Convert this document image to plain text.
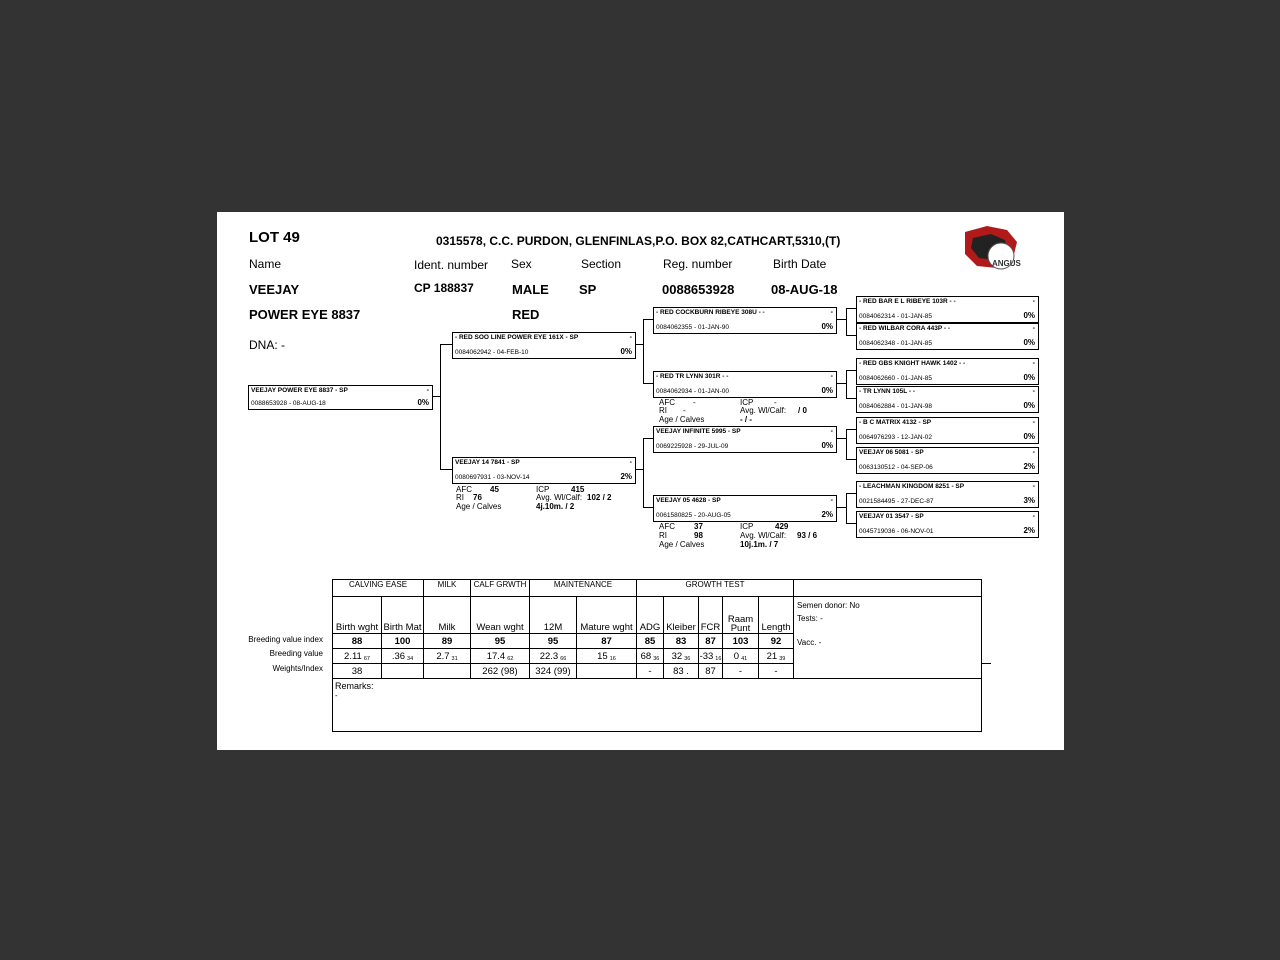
LOT 49	0315578, C.C. PURDON, GLENFINLAS,P.O. BOX 82,CATHCART,5310,(T)
ANGUS
Name	Ident. number Sex	Section	Reg. number	Birth Date
VEEJAY
POWER EYE 8837
CP 188837	MALE
RED
SP	0088653928	08-AUG-18
DNA: -
VEEJAY POWER EYE 8837 - SP	-
0088653928 - 08-AUG-18	0%
- RED SOO LINE POWER EYE 161X - SP	-
0084062942 - 04-FEB-10	0%
VEEJAY 14 7841 - SP	-
0080697931 - 03-NOV-14	2%
- RED COCKBURN RIBEYE 308U - -	-
0084062355 - 01-JAN-90	0%
- RED TR LYNN 301R - -	-
0084062934 - 01-JAN-00	0%
VEEJAY INFINITE 5995 - SP	-
0069225928 - 29-JUL-09	0%
VEEJAY 05 4628 - SP	-
0061580825 - 20-AUG-05	2%
- RED BAR E L RIBEYE 103R - -	-
0084062314 - 01-JAN-85	0%
- RED WILBAR CORA 443P - -	-
0084062348 - 01-JAN-85	0%
- RED GBS KNIGHT HAWK 1402 - -	-
0084062660 - 01-JAN-85	0%
- TR LYNN 105L - -	-
0084062884 - 01-JAN-98	0%
- B C MATRIX 4132 - SP	-
0064976293 - 12-JAN-02	0%
VEEJAY 06 5081 - SP	-
0063130512 - 04-SEP-06	2%
- LEACHMAN KINGDOM 8251 - SP	-
0021584495 - 27-DEC-87	3%
VEEJAY 01 3547 - SP	-
0045719036 - 06-NOV-01	2%
AFC -	ICP	-
RI -	Avg. Wl/Calf: / 0
Age / Calves	- / -
AFC 45	ICP	415
RI 76	Avg. Wl/Calf: 102 / 2
Age / Calves	4j.10m. / 2
AFC 37	ICP	429
RI	98	Avg. Wl/Calf: 93 / 6
Age / Calves	10j.1m. / 7
Breeding value index
Breeding value
Weights/Index
CALVING EASE		MILK	CALF GRWTH	MAINTENANCE		GROWTH TEST						
Birth wght	Birth Mat	Milk	Wean wght	12M	Mature wght	ADG	Kleiber	FCR	Raam Punt	Length	Semen donor: No
Tests: -
Vacc. -	

88	100	89	95	95	87	85	83	87	103	92		
2.11 67	.36 34	2.7 31	17.4 62	22.3 66	15 16	68 36	32 36	-33 16	0 41	21 39		
38			262 (98)	324 (99)		-	83 .	87	-	-		

Remarks:
-												
